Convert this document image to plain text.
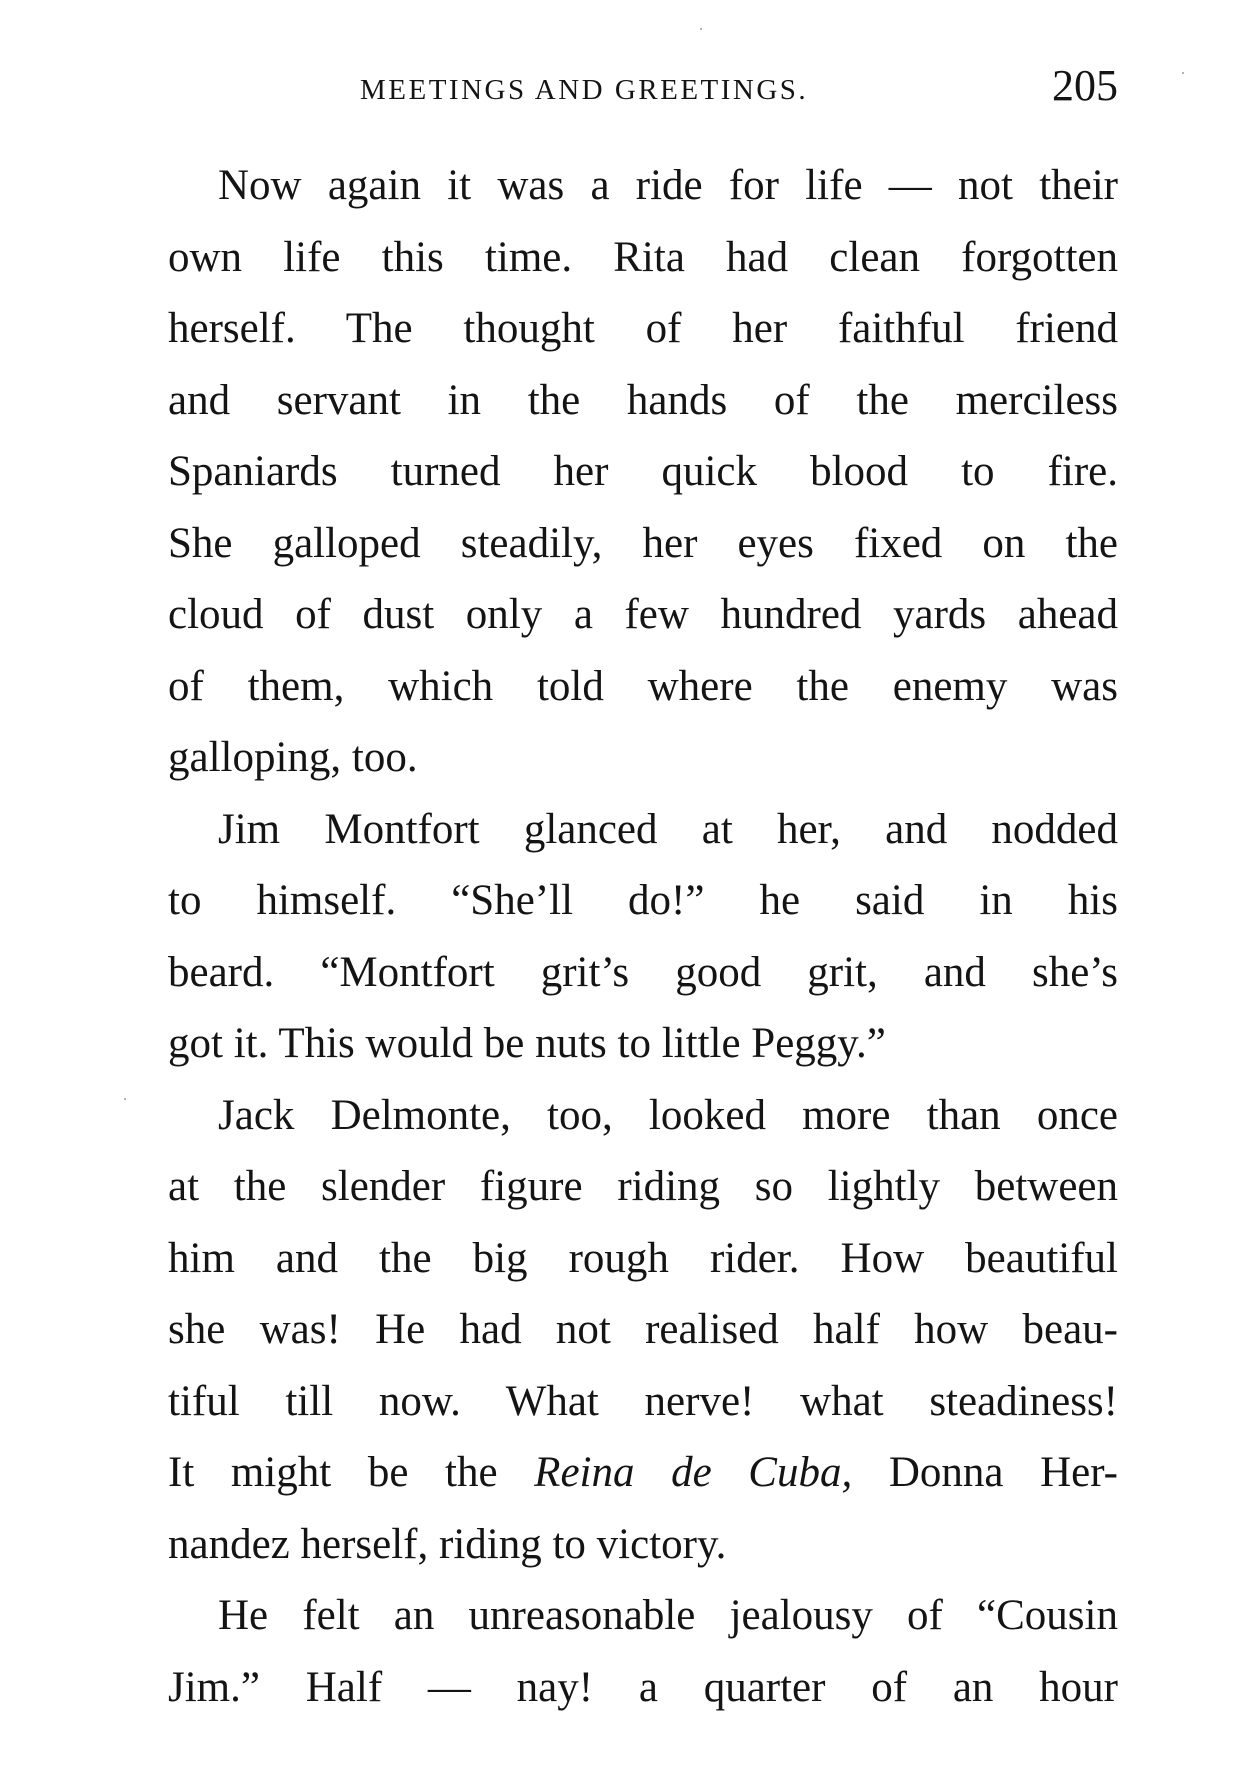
MEETINGS AND GREETINGS.	205
Now again it was a ride for life — not their
own life this time. Rita had clean forgotten
herself. The thought of her faithful friend
and servant in the hands of the merciless
Spaniards turned her quick blood to fire.
She galloped steadily, her eyes fixed on the
cloud of dust only a few hundred yards ahead
of them, which told where the enemy was
galloping, too.
Jim Montfort glanced at her, and nodded
to himself. “She’ll do!” he said in his
beard. “Montfort grit’s good grit, and she’s
got it. This would be nuts to little Peggy.”
Jack Delmonte, too, looked more than once
at the slender figure riding so lightly between
him and the big rough rider. How beautiful
she was! He had not realised half how beau-
tiful till now. What nerve! what steadiness!
It might be the Reina de Cuba, Donna Her-
nandez herself, riding to victory.
He felt an unreasonable jealousy of “Cousin
Jim.” Half — nay! a quarter of an hour
